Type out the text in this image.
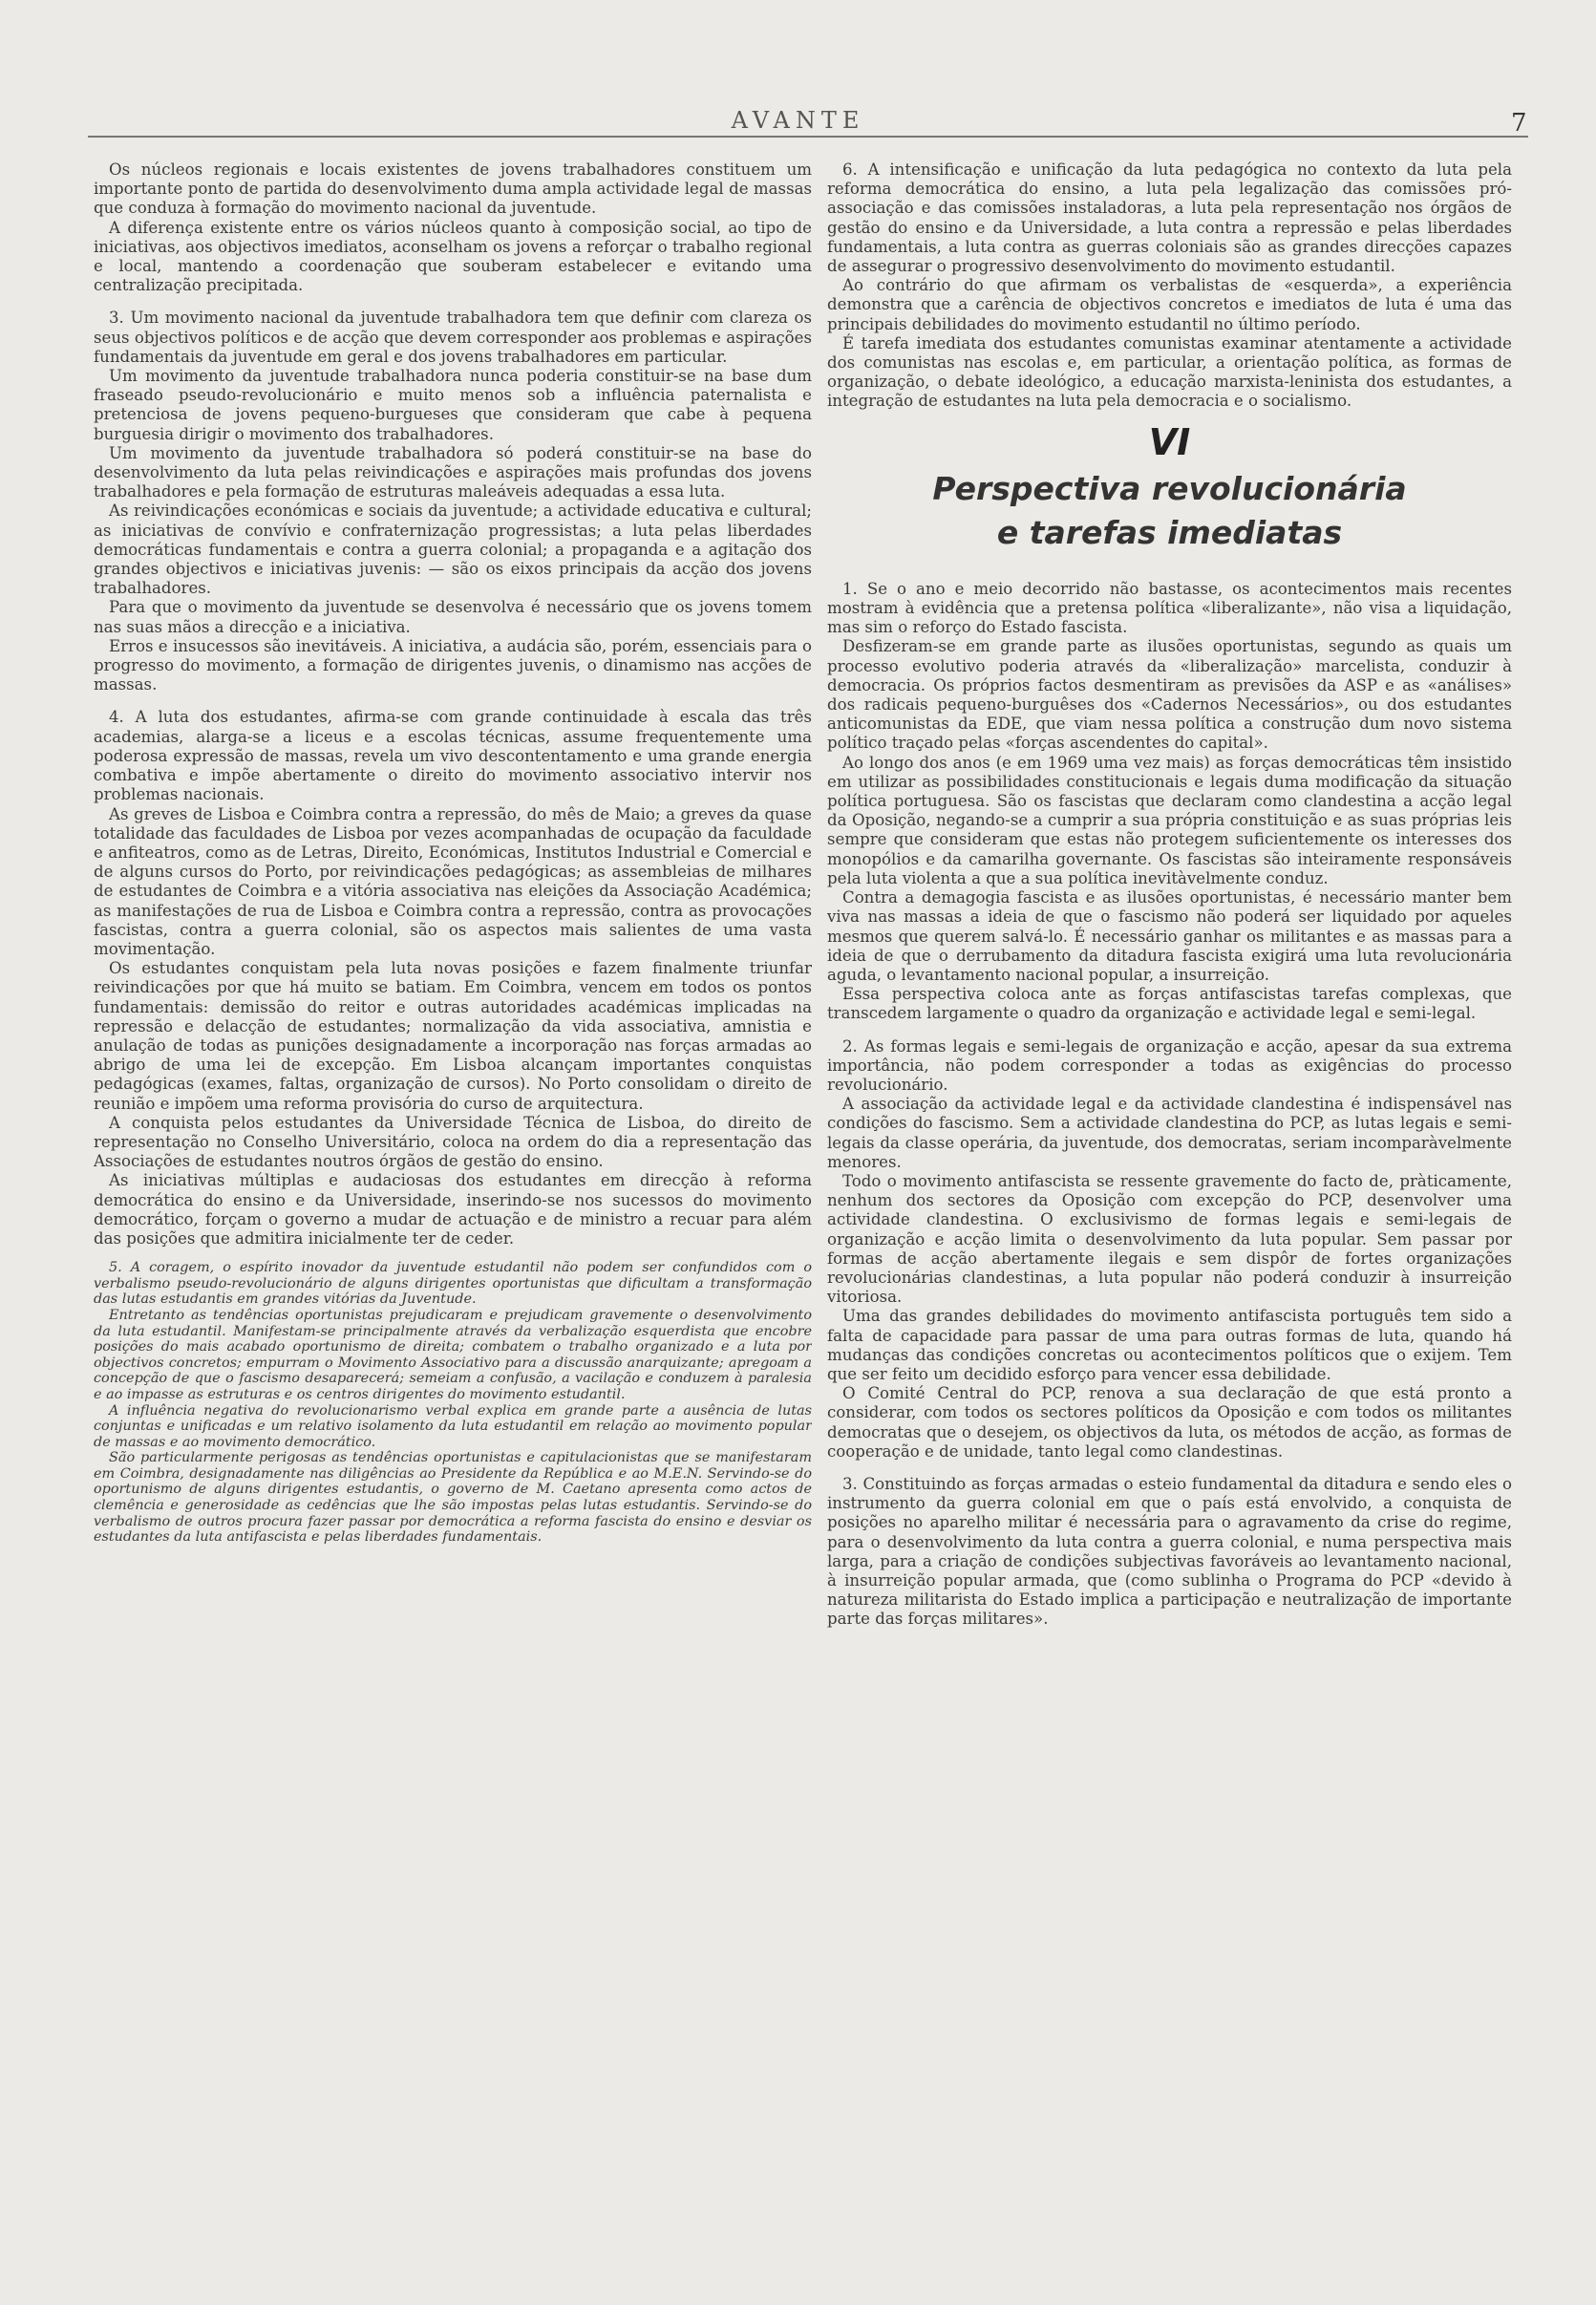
AVANTE	7

Os núcleos regionais e locais existentes de jovens trabalhadores constituem um importante ponto de partida do desenvolvimento duma ampla actividade legal de massas que conduza à formação do movimento nacional da juventude.

A diferença existente entre os vários núcleos quanto à composição social, ao tipo de iniciativas, aos objectivos imediatos, aconselham os jovens a reforçar o trabalho regional e local, mantendo a coordenação que souberam estabelecer e evitando uma centralização precipitada.

3. Um movimento nacional da juventude trabalhadora tem que definir com clareza os seus objectivos políticos e de acção que devem corresponder aos problemas e aspirações fundamentais da juventude em geral e dos jovens trabalhadores em particular.

Um movimento da juventude trabalhadora nunca poderia constituir-se na base dum fraseado pseudo-revolucionário e muito menos sob a influência paternalista e pretenciosa de jovens pequeno-burgueses que consideram que cabe à pequena burguesia dirigir o movimento dos trabalhadores.

Um movimento da juventude trabalhadora só poderá constituir-se na base do desenvolvimento da luta pelas reivindicações e aspirações mais profundas dos jovens trabalhadores e pela formação de estruturas maleáveis adequadas a essa luta.

As reivindicações económicas e sociais da juventude; a actividade educativa e cultural; as iniciativas de convívio e confraternização progressistas; a luta pelas liberdades democráticas fundamentais e contra a guerra colonial; a propaganda e a agitação dos grandes objectivos e iniciativas juvenis: — são os eixos principais da acção dos jovens trabalhadores.

Para que o movimento da juventude se desenvolva é necessário que os jovens tomem nas suas mãos a direcção e a iniciativa.

Erros e insucessos são inevitáveis. A iniciativa, a audácia são, porém, essenciais para o progresso do movimento, a formação de dirigentes juvenis, o dinamismo nas acções de massas.

4. A luta dos estudantes, afirma-se com grande continuidade à escala das três academias, alarga-se a liceus e a escolas técnicas, assume frequentemente uma poderosa expressão de massas, revela um vivo descontentamento e uma grande energia combativa e impõe abertamente o direito do movimento associativo intervir nos problemas nacionais.

As greves de Lisboa e Coimbra contra a repressão, do mês de Maio; a greves da quase totalidade das faculdades de Lisboa por vezes acompanhadas de ocupação da faculdade e anfiteatros, como as de Letras, Direito, Económicas, Institutos Industrial e Comercial e de alguns cursos do Porto, por reivindicações pedagógicas; as assembleias de milhares de estudantes de Coimbra e a vitória associativa nas eleições da Associação Académica; as manifestações de rua de Lisboa e Coimbra contra a repressão, contra as provocações fascistas, contra a guerra colonial, são os aspectos mais salientes de uma vasta movimentação.

Os estudantes conquistam pela luta novas posições e fazem finalmente triunfar reivindicações por que há muito se batiam. Em Coimbra, vencem em todos os pontos fundamentais: demissão do reitor e outras autoridades académicas implicadas na repressão e delacção de estudantes; normalização da vida associativa, amnistia e anulação de todas as punições designadamente a incorporação nas forças armadas ao abrigo de uma lei de excepção. Em Lisboa alcançam importantes conquistas pedagógicas (exames, faltas, organização de cursos). No Porto consolidam o direito de reunião e impõem uma reforma provisória do curso de arquitectura.

A conquista pelos estudantes da Universidade Técnica de Lisboa, do direito de representação no Conselho Universitário, coloca na ordem do dia a representação das Associações de estudantes noutros órgãos de gestão do ensino.

As iniciativas múltiplas e audaciosas dos estudantes em direcção à reforma democrática do ensino e da Universidade, inserindo-se nos sucessos do movimento democrático, forçam o governo a mudar de actuação e de ministro a recuar para além das posições que admitira inicialmente ter de ceder.

5. A coragem, o espírito inovador da juventude estudantil não podem ser confundidos com o verbalismo pseudo-revolucionário de alguns dirigentes oportunistas que dificultam a transformação das lutas estudantis em grandes vitórias da Juventude.

Entretanto as tendências oportunistas prejudicaram e prejudicam gravemente o desenvolvimento da luta estudantil. Manifestam-se principalmente através da verbalização esquerdista que encobre posições do mais acabado oportunismo de direita; combatem o trabalho organizado e a luta por objectivos concretos; empurram o Movimento Associativo para a discussão anarquizante; apregoam a concepção de que o fascismo desaparecerá; semeiam a confusão, a vacilação e conduzem à paralesia e ao impasse as estruturas e os centros dirigentes do movimento estudantil.

A influência negativa do revolucionarismo verbal explica em grande parte a ausência de lutas conjuntas e unificadas e um relativo isolamento da luta estudantil em relação ao movimento popular de massas e ao movimento democrático.

São particularmente perigosas as tendências oportunistas e capitulacionistas que se manifestaram em Coimbra, designadamente nas diligências ao Presidente da República e ao M.E.N. Servindo-se do oportunismo de alguns dirigentes estudantis, o governo de M. Caetano apresenta como actos de clemência e generosidade as cedências que lhe são impostas pelas lutas estudantis. Servindo-se do verbalismo de outros procura fazer passar por democrática a reforma fascista do ensino e desviar os estudantes da luta antifascista e pelas liberdades fundamentais.

6. A intensificação e unificação da luta pedagógica no contexto da luta pela reforma democrática do ensino, a luta pela legalização das comissões pró-associação e das comissões instaladoras, a luta pela representação nos órgãos de gestão do ensino e da Universidade, a luta contra a repressão e pelas liberdades fundamentais, a luta contra as guerras coloniais são as grandes direcções capazes de assegurar o progressivo desenvolvimento do movimento estudantil.

Ao contrário do que afirmam os verbalistas de «esquerda», a experiência demonstra que a carência de objectivos concretos e imediatos de luta é uma das principais debilidades do movimento estudantil no último período.

É tarefa imediata dos estudantes comunistas examinar atentamente a actividade dos comunistas nas escolas e, em particular, a orientação política, as formas de organização, o debate ideológico, a educação marxista-leninista dos estudantes, a integração de estudantes na luta pela democracia e o socialismo.

VI
Perspectiva revolucionária
e tarefas imediatas

1. Se o ano e meio decorrido não bastasse, os acontecimentos mais recentes mostram à evidência que a pretensa política «liberalizante», não visa a liquidação, mas sim o reforço do Estado fascista.

Desfizeram-se em grande parte as ilusões oportunistas, segundo as quais um processo evolutivo poderia através da «liberalização» marcelista, conduzir à democracia. Os próprios factos desmentiram as previsões da ASP e as «análises» dos radicais pequeno-burguêses dos «Cadernos Necessários», ou dos estudantes anticomunistas da EDE, que viam nessa política a construção dum novo sistema político traçado pelas «forças ascendentes do capital».

Ao longo dos anos (e em 1969 uma vez mais) as forças democráticas têm insistido em utilizar as possibilidades constitucionais e legais duma modificação da situação política portuguesa. São os fascistas que declaram como clandestina a acção legal da Oposição, negando-se a cumprir a sua própria constituição e as suas próprias leis sempre que consideram que estas não protegem suficientemente os interesses dos monopólios e da camarilha governante. Os fascistas são inteiramente responsáveis pela luta violenta a que a sua política inevitàvelmente conduz.

Contra a demagogia fascista e as ilusões oportunistas, é necessário manter bem viva nas massas a ideia de que o fascismo não poderá ser liquidado por aqueles mesmos que querem salvá-lo. É necessário ganhar os militantes e as massas para a ideia de que o derrubamento da ditadura fascista exigirá uma luta revolucionária aguda, o levantamento nacional popular, a insurreição.

Essa perspectiva coloca ante as forças antifascistas tarefas complexas, que transcedem largamente o quadro da organização e actividade legal e semi-legal.

2. As formas legais e semi-legais de organização e acção, apesar da sua extrema importância, não podem corresponder a todas as exigências do processo revolucionário.

A associação da actividade legal e da actividade clandestina é indispensável nas condições do fascismo. Sem a actividade clandestina do PCP, as lutas legais e semi-legais da classe operária, da juventude, dos democratas, seriam incomparàvelmente menores.

Todo o movimento antifascista se ressente gravemente do facto de, pràticamente, nenhum dos sectores da Oposição com excepção do PCP, desenvolver uma actividade clandestina. O exclusivismo de formas legais e semi-legais de organização e acção limita o desenvolvimento da luta popular. Sem passar por formas de acção abertamente ilegais e sem dispôr de fortes organizações revolucionárias clandestinas, a luta popular não poderá conduzir à insurreição vitoriosa.

Uma das grandes debilidades do movimento antifascista português tem sido a falta de capacidade para passar de uma para outras formas de luta, quando há mudanças das condições concretas ou acontecimentos políticos que o exijem. Tem que ser feito um decidido esforço para vencer essa debilidade.

O Comité Central do PCP, renova a sua declaração de que está pronto a considerar, com todos os sectores políticos da Oposição e com todos os militantes democratas que o desejem, os objectivos da luta, os métodos de acção, as formas de cooperação e de unidade, tanto legal como clandestinas.

3. Constituindo as forças armadas o esteio fundamental da ditadura e sendo eles o instrumento da guerra colonial em que o país está envolvido, a conquista de posições no aparelho militar é necessária para o agravamento da crise do regime, para o desenvolvimento da luta contra a guerra colonial, e numa perspectiva mais larga, para a criação de condições subjectivas favoráveis ao levantamento nacional, à insurreição popular armada, que (como sublinha o Programa do PCP «devido à natureza militarista do Estado implica a participação e neutralização de importante parte das forças militares».
